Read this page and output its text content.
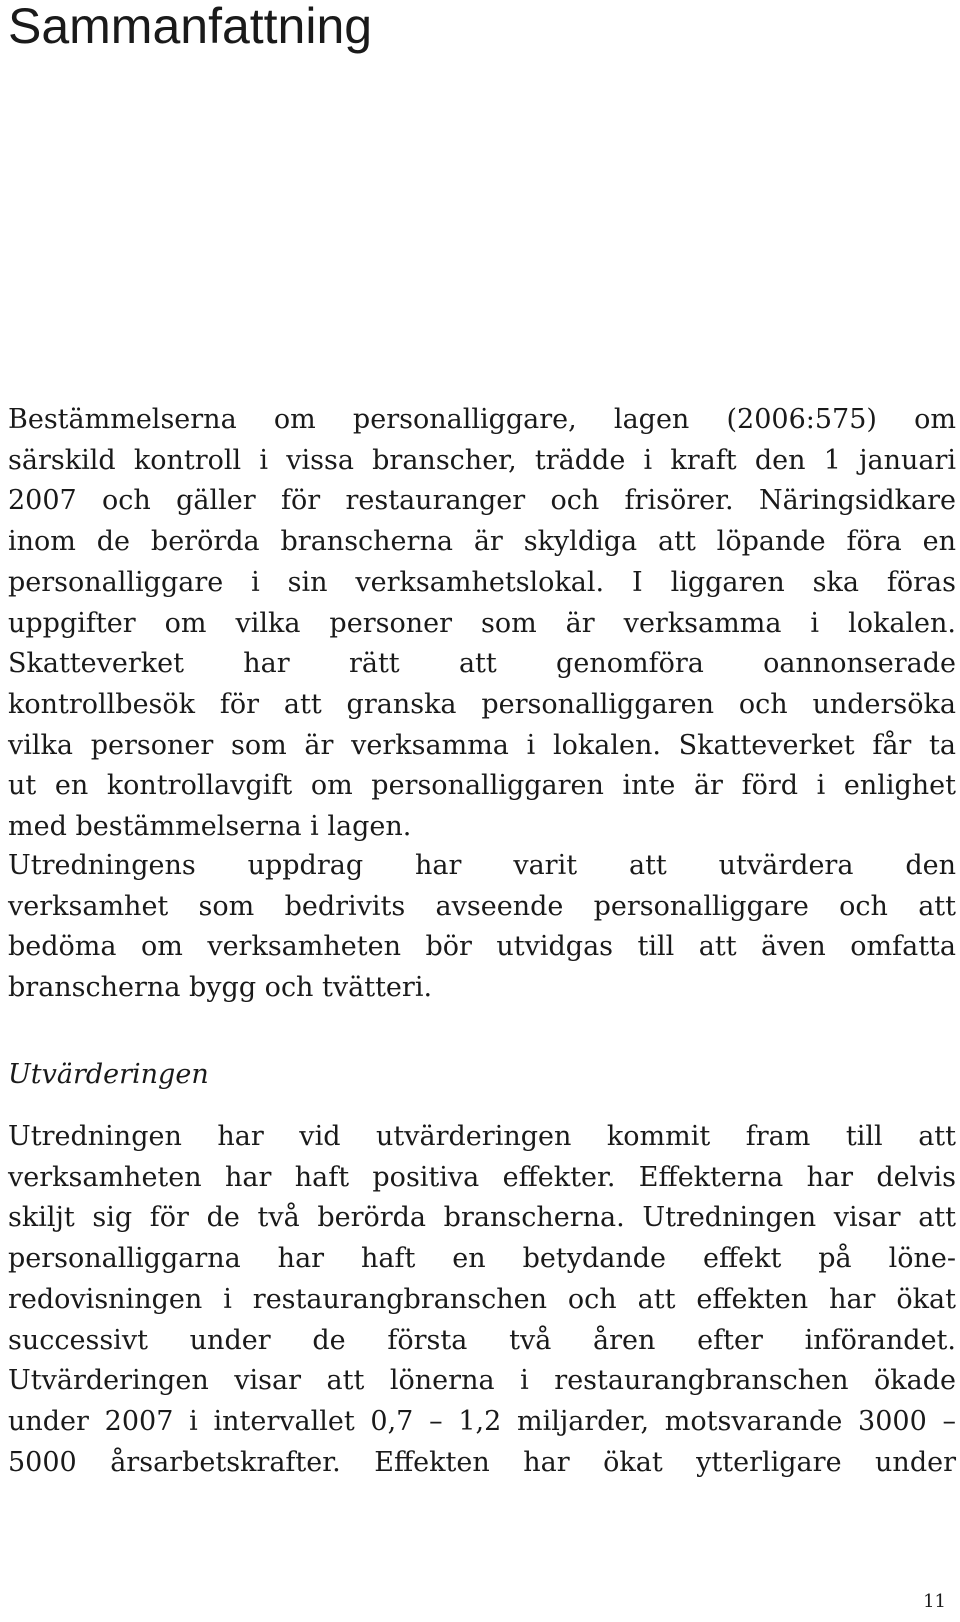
Sammanfattning
Bestämmelserna om personalliggare, lagen (2006:575) om
särskild kontroll i vissa branscher, trädde i kraft den 1 januari
2007 och gäller för restauranger och frisörer. Näringsidkare
inom de berörda branscherna är skyldiga att löpande föra en
personalliggare i sin verksamhetslokal. I liggaren ska föras
uppgifter om vilka personer som är verksamma i lokalen.
Skatteverket har rätt att genomföra oannonserade
kontrollbesök för att granska personalliggaren och undersöka
vilka personer som är verksamma i lokalen. Skatteverket får ta
ut en kontrollavgift om personalliggaren inte är förd i enlighet
med bestämmelserna i lagen.
Utredningens uppdrag har varit att utvärdera den
verksamhet som bedrivits avseende personalliggare och att
bedöma om verksamheten bör utvidgas till att även omfatta
branscherna bygg och tvätteri.
Utvärderingen
Utredningen har vid utvärderingen kommit fram till att
verksamheten har haft positiva effekter. Effekterna har delvis
skiljt sig för de två berörda branscherna. Utredningen visar att
personalliggarna har haft en betydande effekt på löne-
redovisningen i restaurangbranschen och att effekten har ökat
successivt under de första två åren efter införandet.
Utvärderingen visar att lönerna i restaurangbranschen ökade
under 2007 i intervallet 0,7 – 1,2 miljarder, motsvarande 3000 –
5000 årsarbetskrafter. Effekten har ökat ytterligare under
11
